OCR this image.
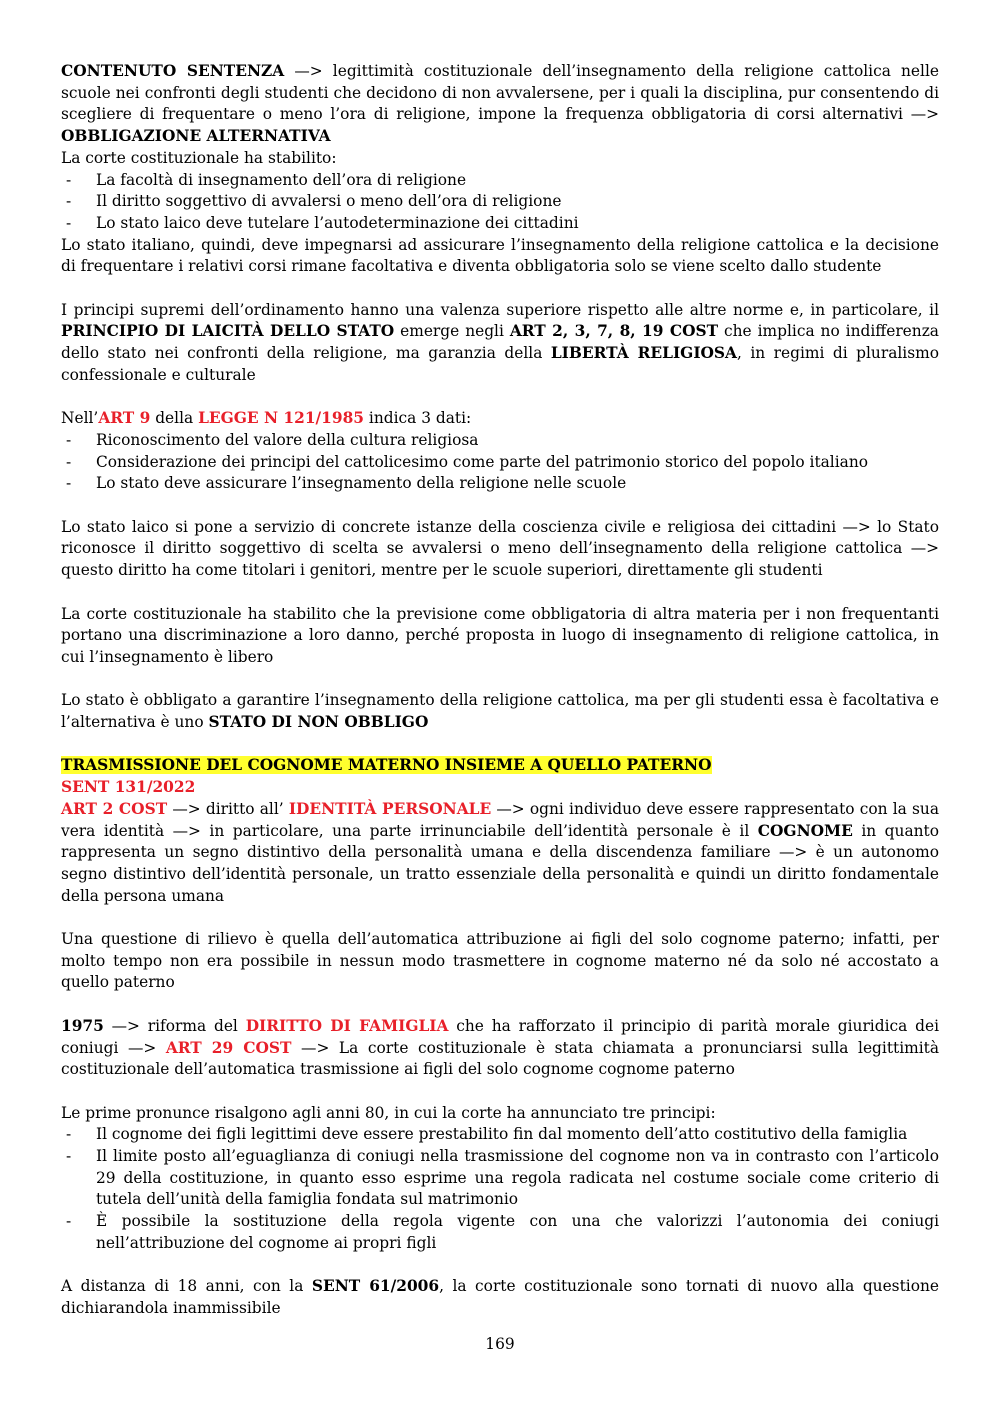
CONTENUTO SENTENZA —> legittimità costituzionale dell’insegnamento della religione cattolica nelle scuole nei confronti degli studenti che decidono di non avvalersene, per i quali la disciplina, pur consentendo di scegliere di frequentare o meno l’ora di religione, impone la frequenza obbligatoria di corsi alternativi —> OBBLIGAZIONE ALTERNATIVA

La corte costituzionale ha stabilito:

- La facoltà di insegnamento dell’ora di religione
- Il diritto soggettivo di avvalersi o meno dell’ora di religione
- Lo stato laico deve tutelare l’autodeterminazione dei cittadini

Lo stato italiano, quindi, deve impegnarsi ad assicurare l’insegnamento della religione cattolica e la decisione di frequentare i relativi corsi rimane facoltativa e diventa obbligatoria solo se viene scelto dallo studente

I principi supremi dell’ordinamento hanno una valenza superiore rispetto alle altre norme e, in particolare, il PRINCIPIO DI LAICITÀ DELLO STATO emerge negli ART 2, 3, 7, 8, 19 COST che implica no indifferenza dello stato nei confronti della religione, ma garanzia della LIBERTÀ RELIGIOSA, in regimi di pluralismo confessionale e culturale

Nell’ART 9 della LEGGE N 121/1985 indica 3 dati:

- Riconoscimento del valore della cultura religiosa
- Considerazione dei principi del cattolicesimo come parte del patrimonio storico del popolo italiano
- Lo stato deve assicurare l’insegnamento della religione nelle scuole

Lo stato laico si pone a servizio di concrete istanze della coscienza civile e religiosa dei cittadini —> lo Stato riconosce il diritto soggettivo di scelta se avvalersi o meno dell’insegnamento della religione cattolica —> questo diritto ha come titolari i genitori, mentre per le scuole superiori, direttamente gli studenti

La corte costituzionale ha stabilito che la previsione come obbligatoria di altra materia per i non frequentanti portano una discriminazione a loro danno, perché proposta in luogo di insegnamento di religione cattolica, in cui l’insegnamento è libero

Lo stato è obbligato a garantire l’insegnamento della religione cattolica, ma per gli studenti essa è facoltativa e l’alternativa è uno STATO DI NON OBBLIGO

TRASMISSIONE DEL COGNOME MATERNO INSIEME A QUELLO PATERNO

SENT 131/2022

ART 2 COST —> diritto all’ IDENTITÀ PERSONALE —> ogni individuo deve essere rappresentato con la sua vera identità —> in particolare, una parte irrinunciabile dell’identità personale è il COGNOME in quanto rappresenta un segno distintivo della personalità umana e della discendenza familiare —> è un autonomo segno distintivo dell’identità personale, un tratto essenziale della personalità e quindi un diritto fondamentale della persona umana

Una questione di rilievo è quella dell’automatica attribuzione ai figli del solo cognome paterno; infatti, per molto tempo non era possibile in nessun modo trasmettere in cognome materno né da solo né accostato a quello paterno

1975 —> riforma del DIRITTO DI FAMIGLIA che ha rafforzato il principio di parità morale giuridica dei coniugi —> ART 29 COST —> La corte costituzionale è stata chiamata a pronunciarsi sulla legittimità costituzionale dell’automatica trasmissione ai figli del solo cognome cognome paterno

Le prime pronunce risalgono agli anni 80, in cui la corte ha annunciato tre principi:

- Il cognome dei figli legittimi deve essere prestabilito fin dal momento dell’atto costitutivo della famiglia
- Il limite posto all’eguaglianza di coniugi nella trasmissione del cognome non va in contrasto con l’articolo 29 della costituzione, in quanto esso esprime una regola radicata nel costume sociale come criterio di tutela dell’unità della famiglia fondata sul matrimonio
- È possibile la sostituzione della regola vigente con una che valorizzi l’autonomia dei coniugi nell’attribuzione del cognome ai propri figli

A distanza di 18 anni, con la SENT 61/2006, la corte costituzionale sono tornati di nuovo alla questione dichiarandola inammissibile

169
